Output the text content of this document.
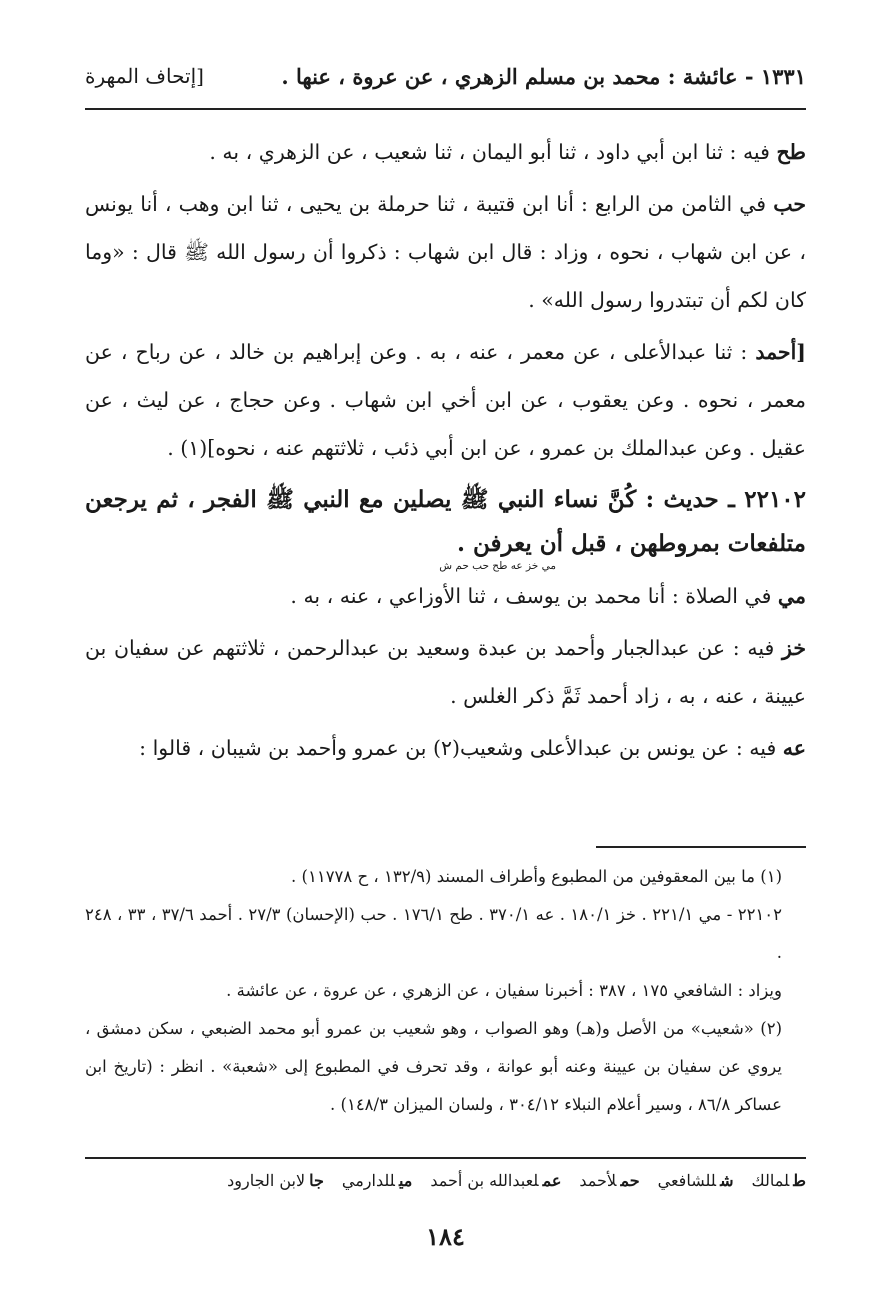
١٣٣١ - عائشة : محمد بن مسلم الزهري ، عن عروة ، عنها .
[إتحاف المهرة

طح فيه : ثنا ابن أبي داود ، ثنا أبو اليمان ، ثنا شعيب ، عن الزهري ، به .

حب في الثامن من الرابع : أنا ابن قتيبة ، ثنا حرملة بن يحيى ، ثنا ابن وهب ، أنا يونس ، عن ابن شهاب ، نحوه ، وزاد : قال ابن شهاب : ذكروا أن رسول الله ﷺ قال : «وما كان لكم أن تبتدروا رسول الله» .

[أحمد : ثنا عبدالأعلى ، عن معمر ، عنه ، به . وعن إبراهيم بن خالد ، عن رباح ، عن معمر ، نحوه . وعن يعقوب ، عن ابن أخي ابن شهاب . وعن حجاج ، عن ليث ، عن عقيل . وعن عبدالملك بن عمرو ، عن ابن أبي ذئب ، ثلاثتهم عنه ، نحوه](١) .

٢٢١٠٢ ـ حديث : كُنَّ نساء النبي ﷺ يصلين مع النبي ﷺ الفجر ، ثم يرجعن متلفعات بمروطهن ، قبل أن يعرفن .
مي خز عه طح حب حم ش

مي في الصلاة : أنا محمد بن يوسف ، ثنا الأوزاعي ، عنه ، به .

خز فيه : عن عبدالجبار وأحمد بن عبدة وسعيد بن عبدالرحمن ، ثلاثتهم عن سفيان بن عيينة ، عنه ، به ، زاد أحمد ثَمَّ ذكر الغلس .

عه فيه : عن يونس بن عبدالأعلى وشعيب(٢) بن عمرو وأحمد بن شيبان ، قالوا :

(١) ما بين المعقوفين من المطبوع وأطراف المسند (١٣٢/٩ ، ح ١١٧٧٨) .

٢٢١٠٢ - مي ٢٢١/١ . خز ١٨٠/١ . عه ٣٧٠/١ . طح ١٧٦/١ . حب (الإحسان) ٢٧/٣ . أحمد ٣٧/٦ ، ٣٣ ، ٢٤٨ .

ويزاد : الشافعي ١٧٥ ، ٣٨٧ : أخبرنا سفيان ، عن الزهري ، عن عروة ، عن عائشة .

(٢) «شعيب» من الأصل و(هـ) وهو الصواب ، وهو شعيب بن عمرو أبو محمد الضبعي ، سكن دمشق ، يروي عن سفيان بن عيينة وعنه أبو عوانة ، وقد تحرف في المطبوع إلى «شعبة» . انظر : (تاريخ ابن عساكر ٨٦/٨ ، وسير أعلام النبلاء ٣٠٤/١٢ ، ولسان الميزان ١٤٨/٣) .

طلمالك
شللشافعي
حملأحمد
عملعبدالله بن أحمد
ميللدارمي
جالابن الجارود
١٨٤
